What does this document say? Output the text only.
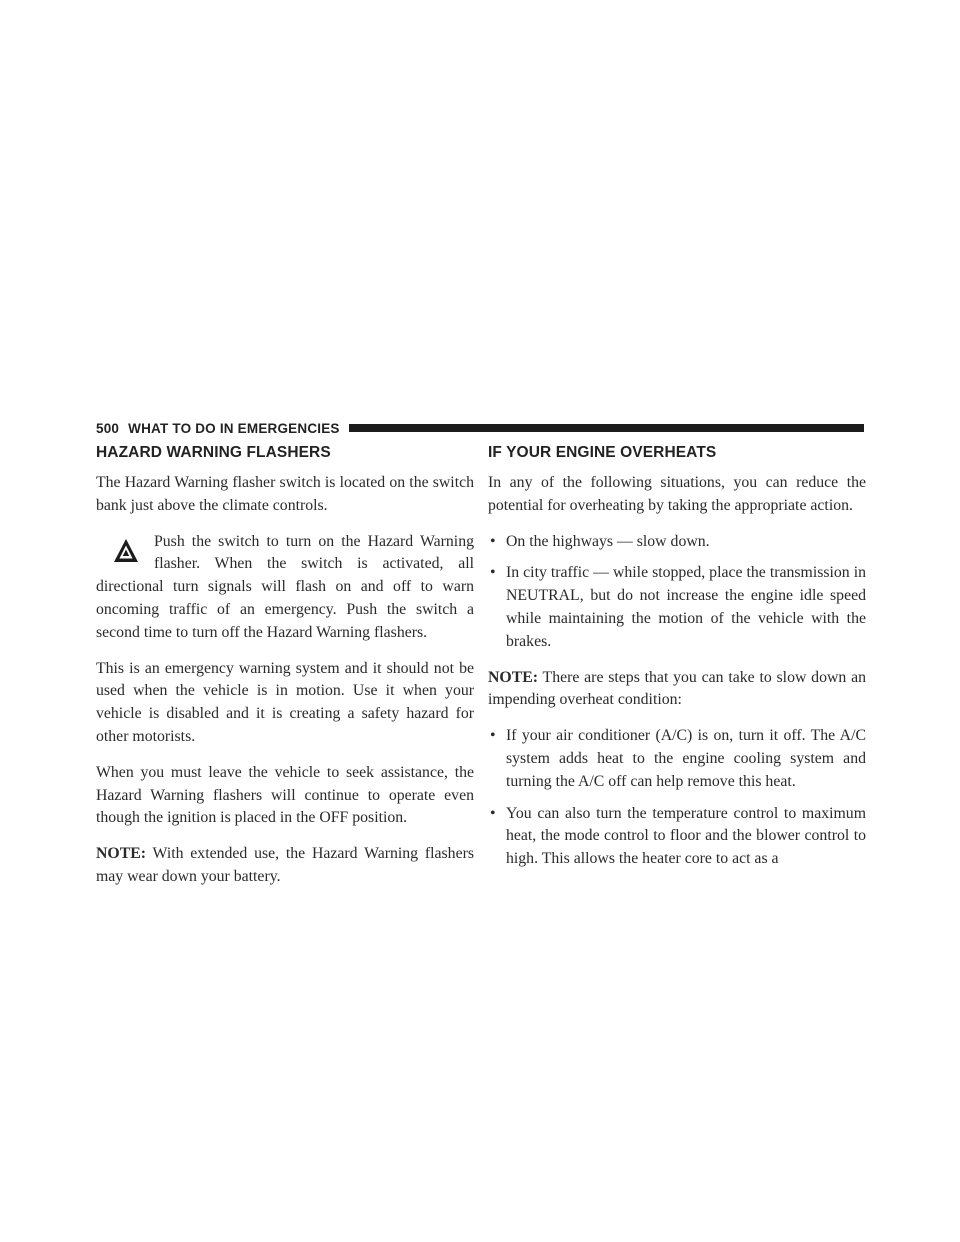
500 WHAT TO DO IN EMERGENCIES
HAZARD WARNING FLASHERS

The Hazard Warning flasher switch is located on the switch bank just above the climate controls.

Push the switch to turn on the Hazard Warning flasher. When the switch is activated, all directional turn signals will flash on and off to warn oncoming traffic of an emergency. Push the switch a second time to turn off the Hazard Warning flashers.

This is an emergency warning system and it should not be used when the vehicle is in motion. Use it when your vehicle is disabled and it is creating a safety hazard for other motorists.

When you must leave the vehicle to seek assistance, the Hazard Warning flashers will continue to operate even though the ignition is placed in the OFF position.

NOTE: With extended use, the Hazard Warning flashers may wear down your battery.

IF YOUR ENGINE OVERHEATS

In any of the following situations, you can reduce the potential for overheating by taking the appropriate action.

• On the highways — slow down.
• In city traffic — while stopped, place the transmission in NEUTRAL, but do not increase the engine idle speed while maintaining the motion of the vehicle with the brakes.

NOTE: There are steps that you can take to slow down an impending overheat condition:

• If your air conditioner (A/C) is on, turn it off. The A/C system adds heat to the engine cooling system and turning the A/C off can help remove this heat.
• You can also turn the temperature control to maximum heat, the mode control to floor and the blower control to high. This allows the heater core to act as a
